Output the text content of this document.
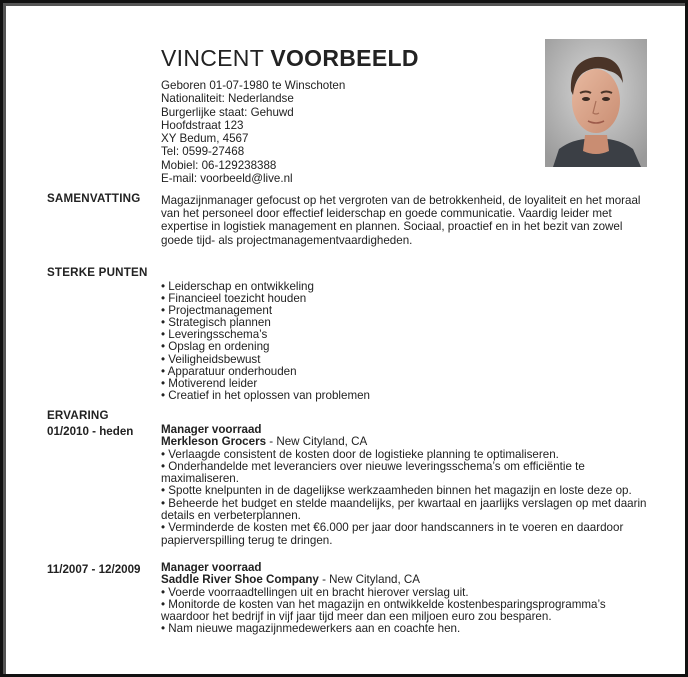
VINCENT VOORBEELD
Geboren 01-07-1980 te Winschoten
Nationaliteit: Nederlandse
Burgerlijke staat: Gehuwd
Hoofdstraat 123
XY Bedum, 4567
Tel: 0599-27468
Mobiel: 06-129238388
E-mail: voorbeeld@live.nl
SAMENVATTING Magazijnmanager gefocust op het vergroten van de betrokkenheid, de loyaliteit en het moraal van het personeel door effectief leiderschap en goede communicatie. Vaardig leider met expertise in logistiek management en plannen. Sociaal, proactief en in het bezit van zowel goede tijd- als projectmanagementvaardigheden.
STERKE PUNTEN
• Leiderschap en ontwikkeling
• Financieel toezicht houden
• Projectmanagement
• Strategisch plannen
• Leveringsschema’s
• Opslag en ordening
• Veiligheidsbewust
• Apparatuur onderhouden
• Motiverend leider
• Creatief in het oplossen van problemen
ERVARING
01/2010 - heden Manager voorraad
Merkleson Grocers - New Cityland, CA
• Verlaagde consistent de kosten door de logistieke planning te optimaliseren.
• Onderhandelde met leveranciers over nieuwe leveringsschema’s om efficiëntie te maximaliseren.
• Spotte knelpunten in de dagelijkse werkzaamheden binnen het magazijn en loste deze op.
• Beheerde het budget en stelde maandelijks, per kwartaal en jaarlijks verslagen op met daarin details en verbeterplannen.
• Verminderde de kosten met €6.000 per jaar door handscanners in te voeren en daardoor papierverspilling terug te dringen.
11/2007 - 12/2009 Manager voorraad
Saddle River Shoe Company - New Cityland, CA
• Voerde voorraadtellingen uit en bracht hierover verslag uit.
• Monitorde de kosten van het magazijn en ontwikkelde kostenbesparingsprogramma’s waardoor het bedrijf in vijf jaar tijd meer dan een miljoen euro zou besparen.
• Nam nieuwe magazijnmedewerkers aan en coachte hen.
